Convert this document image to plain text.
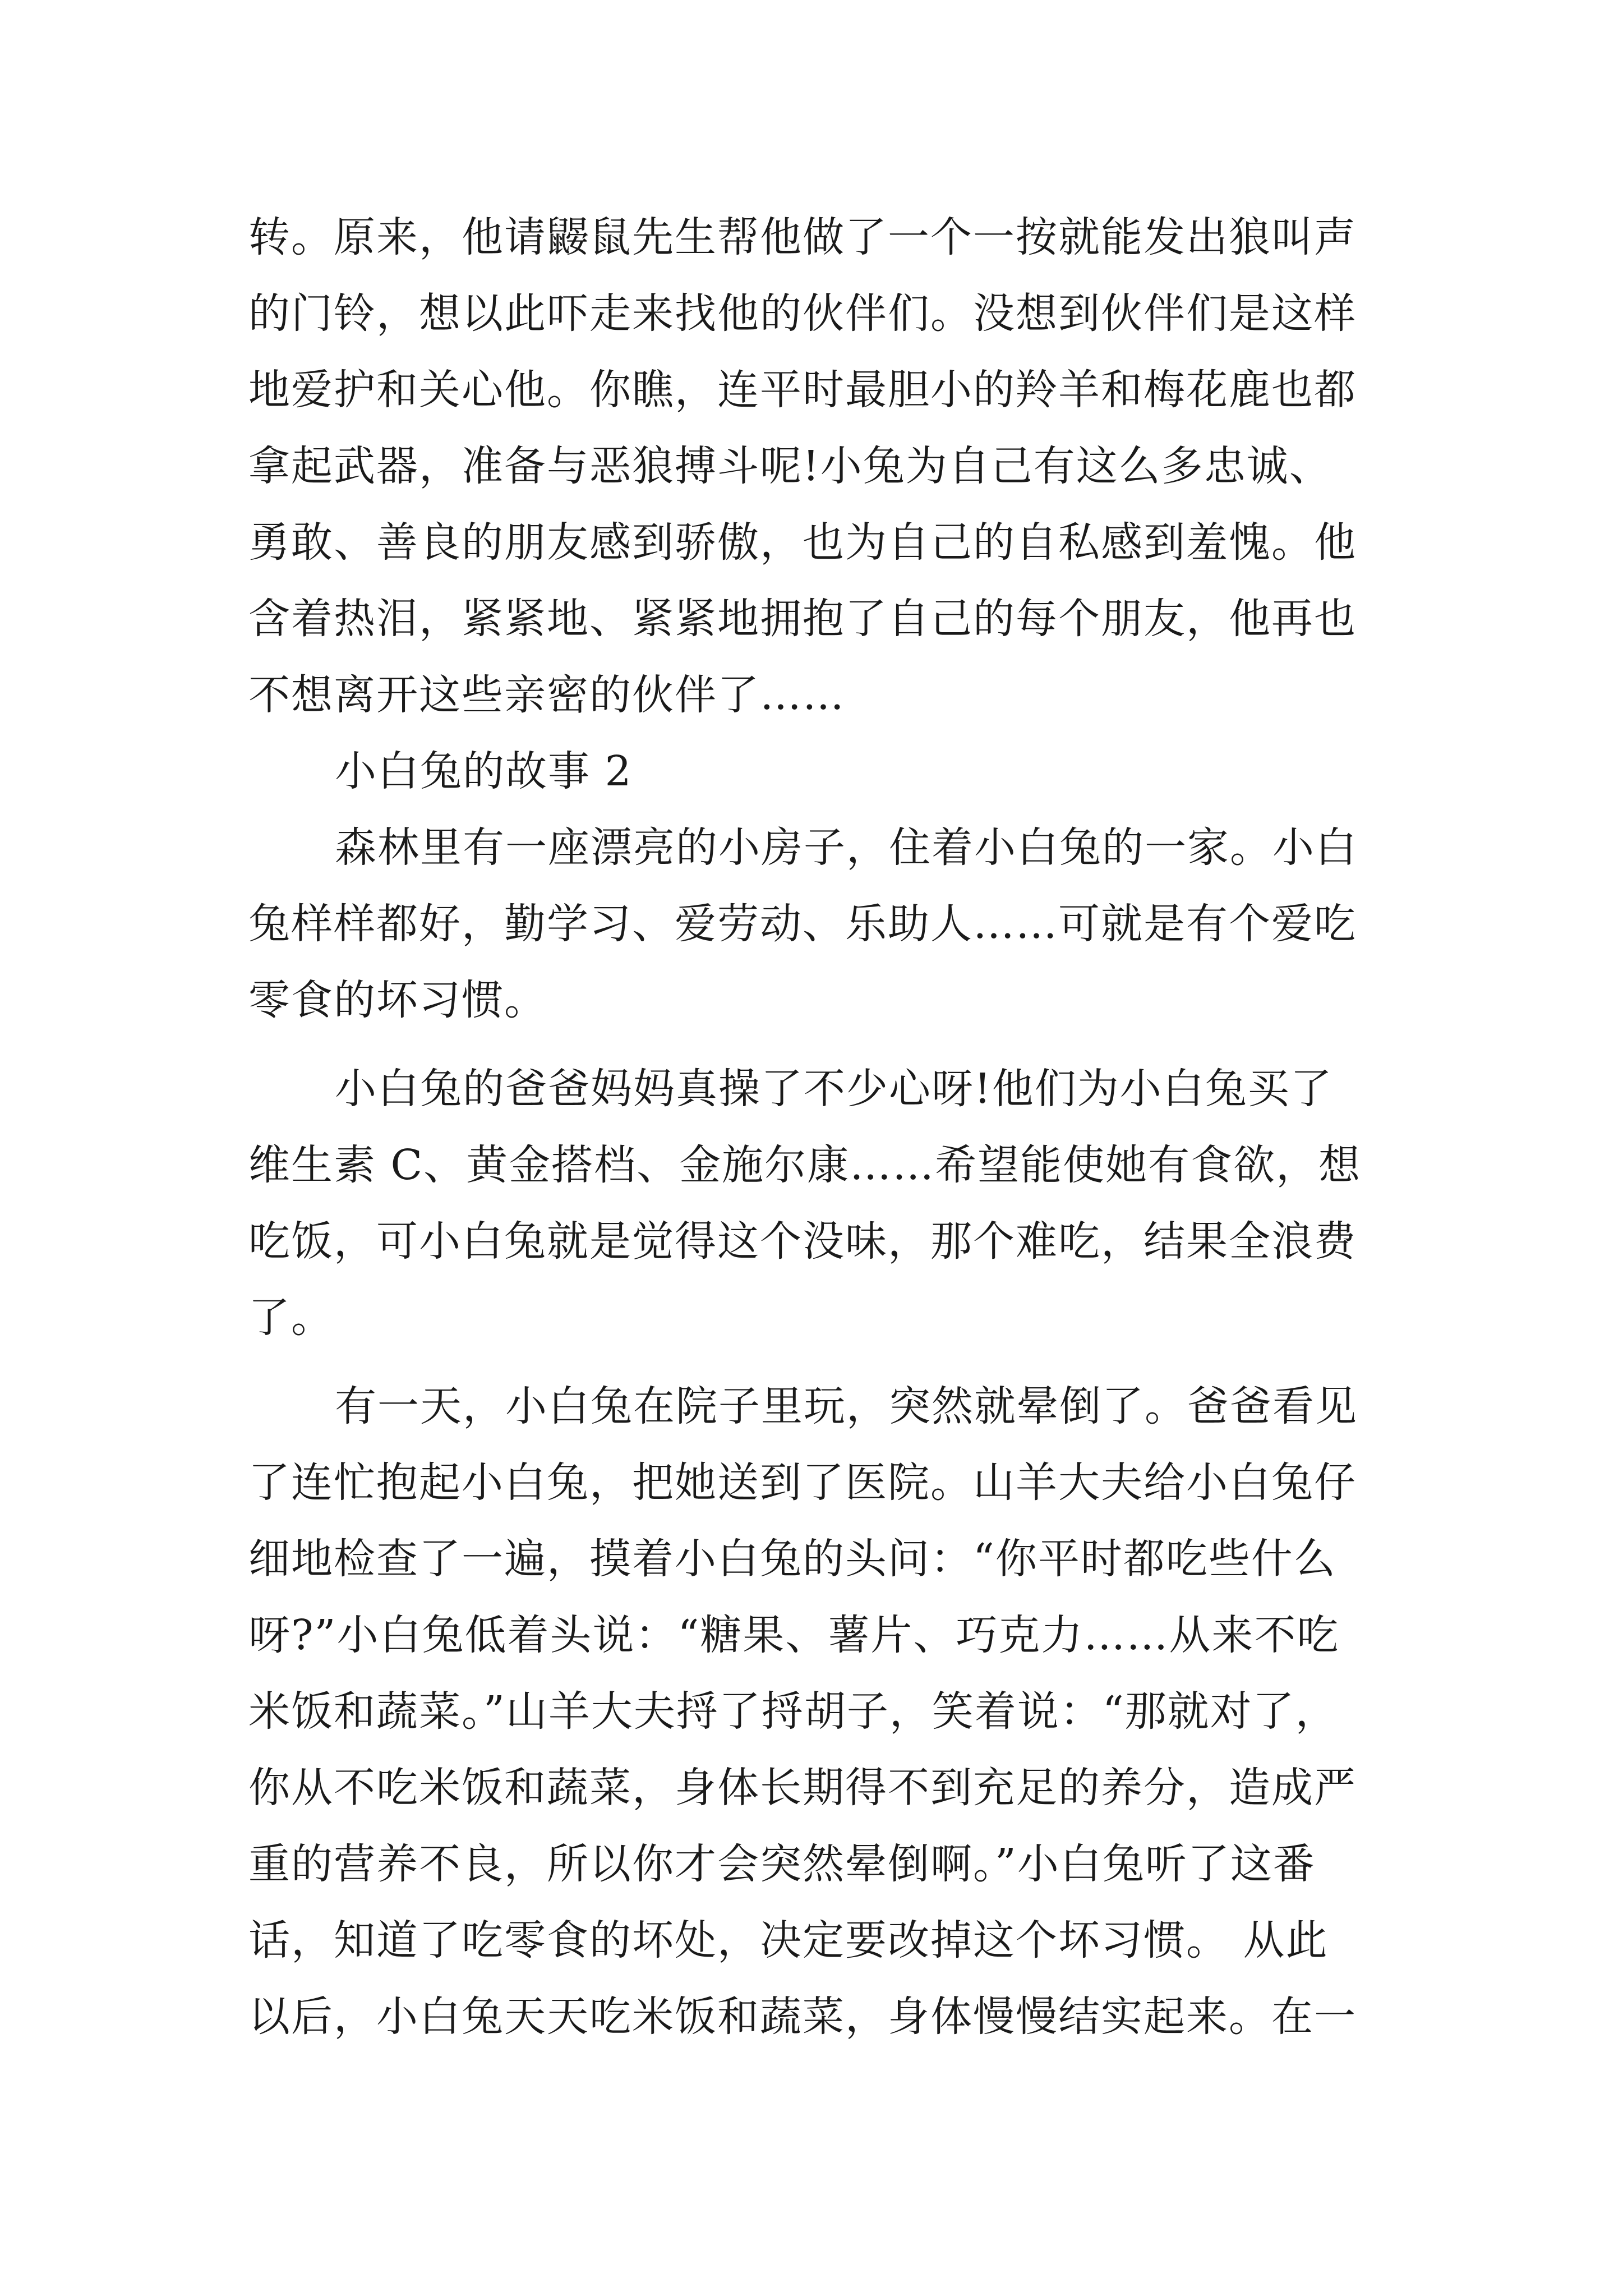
转。原来，他请鼹鼠先生帮他做了一个一按就能发出狼叫声
的门铃，想以此吓走来找他的伙伴们。没想到伙伴们是这样
地爱护和关心他。你瞧，连平时最胆小的羚羊和梅花鹿也都
拿起武器，准备与恶狼搏斗呢!小兔为自己有这么多忠诚、
勇敢、善良的朋友感到骄傲，也为自己的自私感到羞愧。他
含着热泪，紧紧地、紧紧地拥抱了自己的每个朋友，他再也
不想离开这些亲密的伙伴了……
小白兔的故事 2
森林里有一座漂亮的小房子，住着小白兔的一家。小白
兔样样都好，勤学习、爱劳动、乐助人……可就是有个爱吃
零食的坏习惯。
小白兔的爸爸妈妈真操了不少心呀!他们为小白兔买了
维生素 C、黄金搭档、金施尔康……希望能使她有食欲，想
吃饭，可小白兔就是觉得这个没味，那个难吃，结果全浪费
了。
有一天，小白兔在院子里玩，突然就晕倒了。爸爸看见
了连忙抱起小白兔，把她送到了医院。山羊大夫给小白兔仔
细地检查了一遍，摸着小白兔的头问：“你平时都吃些什么
呀?”小白兔低着头说：“糖果、薯片、巧克力……从来不吃
米饭和蔬菜。”山羊大夫捋了捋胡子，笑着说：“那就对了，
你从不吃米饭和蔬菜，身体长期得不到充足的养分，造成严
重的营养不良，所以你才会突然晕倒啊。”小白兔听了这番
话，知道了吃零食的坏处，决定要改掉这个坏习惯。 从此
以后，小白兔天天吃米饭和蔬菜，身体慢慢结实起来。在一
